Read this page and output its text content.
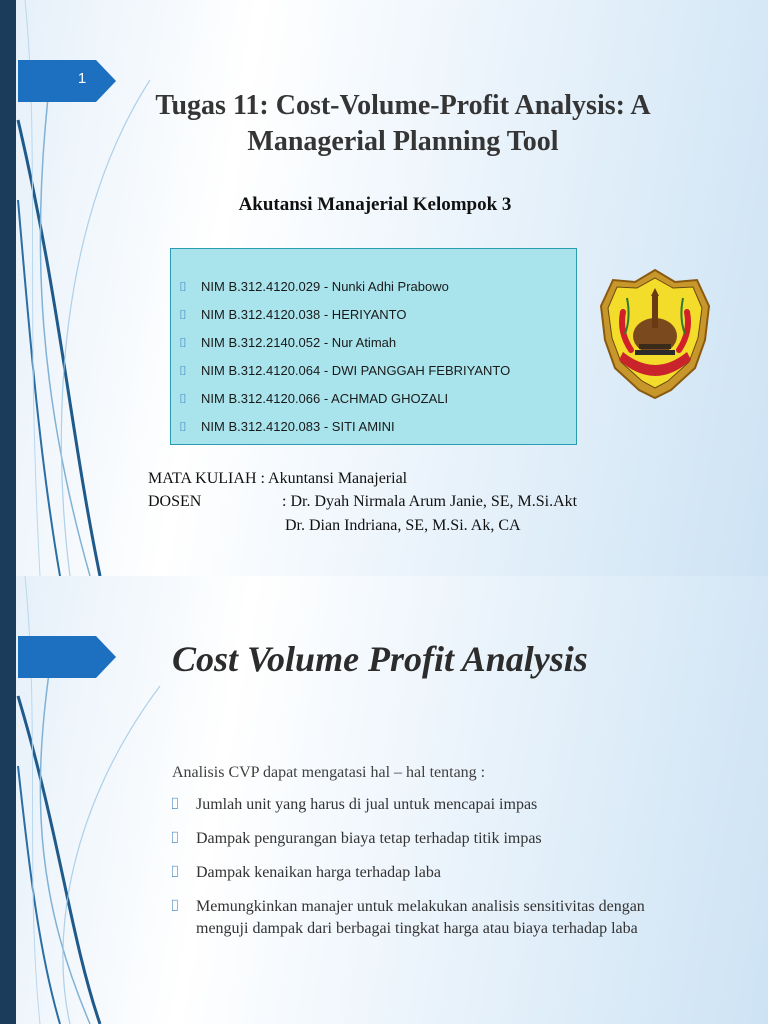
1
Tugas 11: Cost-Volume-Profit Analysis: A Managerial Planning Tool
Akutansi Manajerial Kelompok 3
⌷	NIM B.312.4120.029 - Nunki Adhi Prabowo
⌷	NIM B.312.4120.038 - HERIYANTO
⌷	NIM B.312.2140.052 - Nur Atimah
⌷	NIM B.312.4120.064 - DWI PANGGAH FEBRIYANTO
⌷	NIM B.312.4120.066 - ACHMAD GHOZALI
⌷	NIM B.312.4120.083 - SITI AMINI
MATA KULIAH : Akuntansi Manajerial
DOSEN	: Dr. Dyah Nirmala Arum Janie, SE, M.Si.Akt
Dr. Dian Indriana, SE, M.Si. Ak, CA
Cost Volume Profit Analysis
Analisis CVP dapat mengatasi hal – hal tentang :
⌷	Jumlah unit yang harus di jual untuk mencapai impas
⌷	Dampak pengurangan biaya tetap terhadap titik impas
⌷	Dampak kenaikan harga terhadap laba
⌷	Memungkinkan manajer untuk melakukan analisis sensitivitas dengan menguji dampak dari berbagai tingkat harga atau biaya terhadap laba
